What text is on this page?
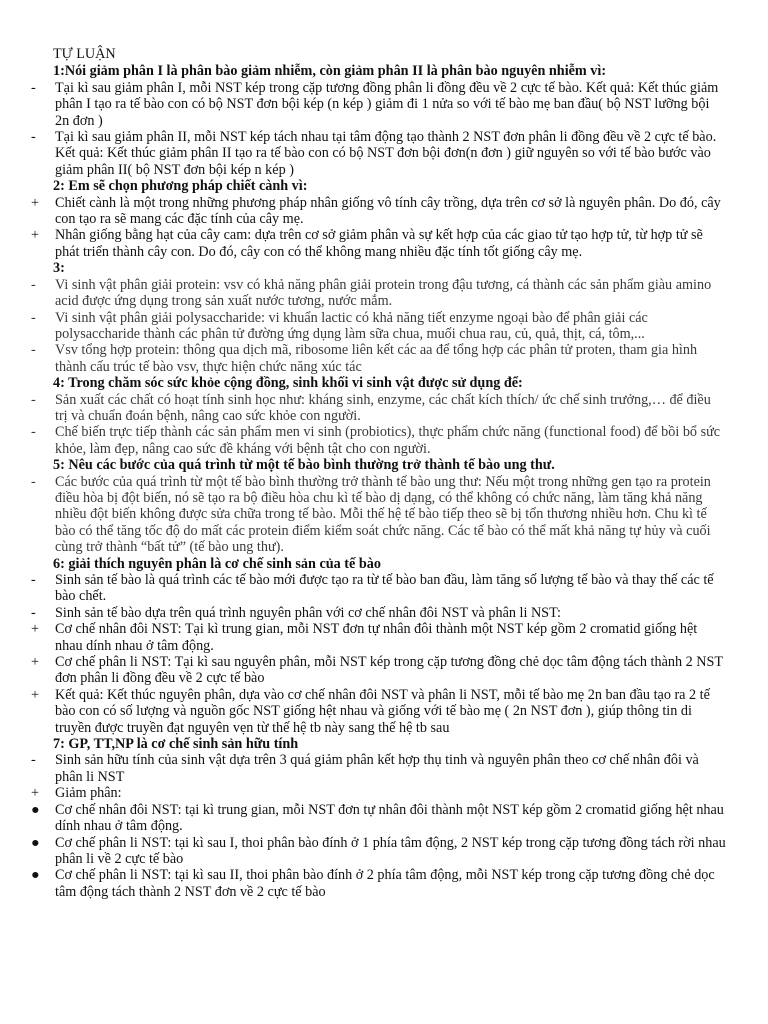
TỰ LUẬN
1:Nói giảm phân I là phân bào giảm nhiễm, còn giảm phân II là phân bào nguyên nhiễm vì:
-	Tại kì sau giảm phân I, mỗi NST kép trong cặp tương đồng phân li đồng đều về 2 cực tế bào. Kết quả: Kết thúc giảm phân I tạo ra tế bào con có bộ NST đơn bội kép (n kép ) giảm đi 1 nửa so với tế bào mẹ ban đầu( bộ NST lưỡng bội 2n đơn )
-	Tại kì sau giảm phân II, mỗi NST kép tách nhau tại tâm động tạo thành 2 NST đơn phân li đồng đều về 2 cực tế bào. Kết quả: Kết thúc giảm phân II tạo ra tế bào con có bộ NST đơn bội đơn(n đơn ) giữ nguyên so với tế bào bước vào giảm phân II( bộ NST đơn bội kép n kép )
2: Em sẽ chọn phương pháp chiết cành vì:
+	Chiết cành là một trong những phương pháp nhân giống vô tính cây trồng, dựa trên cơ sở là nguyên phân. Do đó, cây con tạo ra sẽ mang các đặc tính của cây mẹ.
+	Nhân giống bằng hạt của cây cam: dựa trên cơ sở giảm phân và sự kết hợp của các giao tử tạo hợp tử, từ hợp tử sẽ phát triển thành cây con. Do đó, cây con có thể không mang nhiều đặc tính tốt giống cây mẹ.
3:
-	Vi sinh vật phân giải protein: vsv có khả năng phân giải protein trong đậu tương, cá thành các sản phẩm giàu amino acid được ứng dụng trong sản xuất nước tương, nước mắm.
-	Vi sinh vật phân giải polysaccharide: vi khuẩn lactic có khả năng tiết enzyme ngoại bào để phân giải các polysaccharide thành các phân tử đường ứng dụng làm sữa chua, muối chua rau, củ, quả, thịt, cá, tôm,...
-	Vsv tổng hợp protein: thông qua dịch mã, ribosome liên kết các aa để tổng hợp các phân tử proten, tham gia hình thành cấu trúc tế bào vsv, thực hiện chức năng xúc tác
4: Trong chăm sóc sức khỏe cộng đồng, sinh khối vi sinh vật được sử dụng để:
-	Sản xuất các chất có hoạt tính sinh học như: kháng sinh, enzyme, các chất kích thích/ ức chế sinh trưởng,… để điều trị và chuẩn đoán bệnh, nâng cao sức khỏe con người.
-	Chế biến trực tiếp thành các sản phẩm men vi sinh (probiotics), thực phẩm chức năng (functional food) để bồi bổ sức khỏe, làm đẹp, nâng cao sức đề kháng với bệnh tật cho con người.
5: Nêu các bước của quá trình từ một tế bào bình thường trở thành tế bào ung thư.
-	Các bước của quá trình từ một tế bào bình thường trở thành tế bào ung thư: Nếu một trong những gen tạo ra protein điều hòa bị đột biến, nó sẽ tạo ra bộ điều hòa chu kì tế bào dị dạng, có thể không có chức năng, làm tăng khả năng nhiều đột biến không được sửa chữa trong tế bào. Mỗi thế hệ tế bào tiếp theo sẽ bị tổn thương nhiều hơn. Chu kì tế bào có thể tăng tốc độ do mất các protein điểm kiểm soát chức năng. Các tế bào có thể mất khả năng tự hủy và cuối cùng trở thành “bất tử” (tế bào ung thư).
6: giải thích nguyên phân là cơ chế sinh sản của tế bào
-	Sinh sản tế bào là quá trình các tế bào mới được tạo ra từ tế bào ban đầu, làm tăng số lượng tế bào và thay thế các tế bào chết.
-	Sinh sản tế bào dựa trên quá trình nguyên phân với cơ chế nhân đôi NST và phân li NST:
+	Cơ chế nhân đôi NST: Tại kì trung gian, mỗi NST đơn tự nhân đôi thành một NST kép gồm 2 cromatid giống hệt nhau dính nhau ở tâm động.
+	Cơ chế phân li NST: Tại kì sau nguyên phân, mỗi NST kép trong cặp tương đồng chẻ dọc tâm động tách thành 2 NST đơn phân li đồng đều về 2 cực tế bào
+	Kết quả: Kết thúc nguyên phân, dựa vào cơ chế nhân đôi NST và phân li NST, mỗi tế bào mẹ 2n ban đầu tạo ra 2 tế bào con có số lượng và nguồn gốc NST giống hệt nhau và giống với tế bào mẹ ( 2n NST đơn ), giúp thông tin di truyền được truyền đạt nguyên vẹn từ thế hệ tb này sang thế hệ tb sau
7: GP, TT,NP là cơ chế sinh sản hữu tính
-	Sinh sản hữu tính của sinh vật dựa trên 3 quá giảm phân kết hợp thụ tinh và nguyên phân theo cơ chế nhân đôi và phân li NST
+	Giảm phân:
●	Cơ chế nhân đôi NST: tại kì trung gian, mỗi NST đơn tự nhân đôi thành một NST kép gồm 2 cromatid giống hệt nhau dính nhau ở tâm động.
●	Cơ chế phân li NST: tại kì sau I, thoi phân bào đính ở 1 phía tâm động, 2 NST kép trong cặp tương đồng tách rời nhau phân li về 2 cực tế bào
●	Cơ chế phân li NST: tại kì sau II, thoi phân bào đính ở 2 phía tâm động, mỗi NST kép trong cặp tương đồng chẻ dọc tâm động tách thành 2 NST đơn về 2 cực tế bào
